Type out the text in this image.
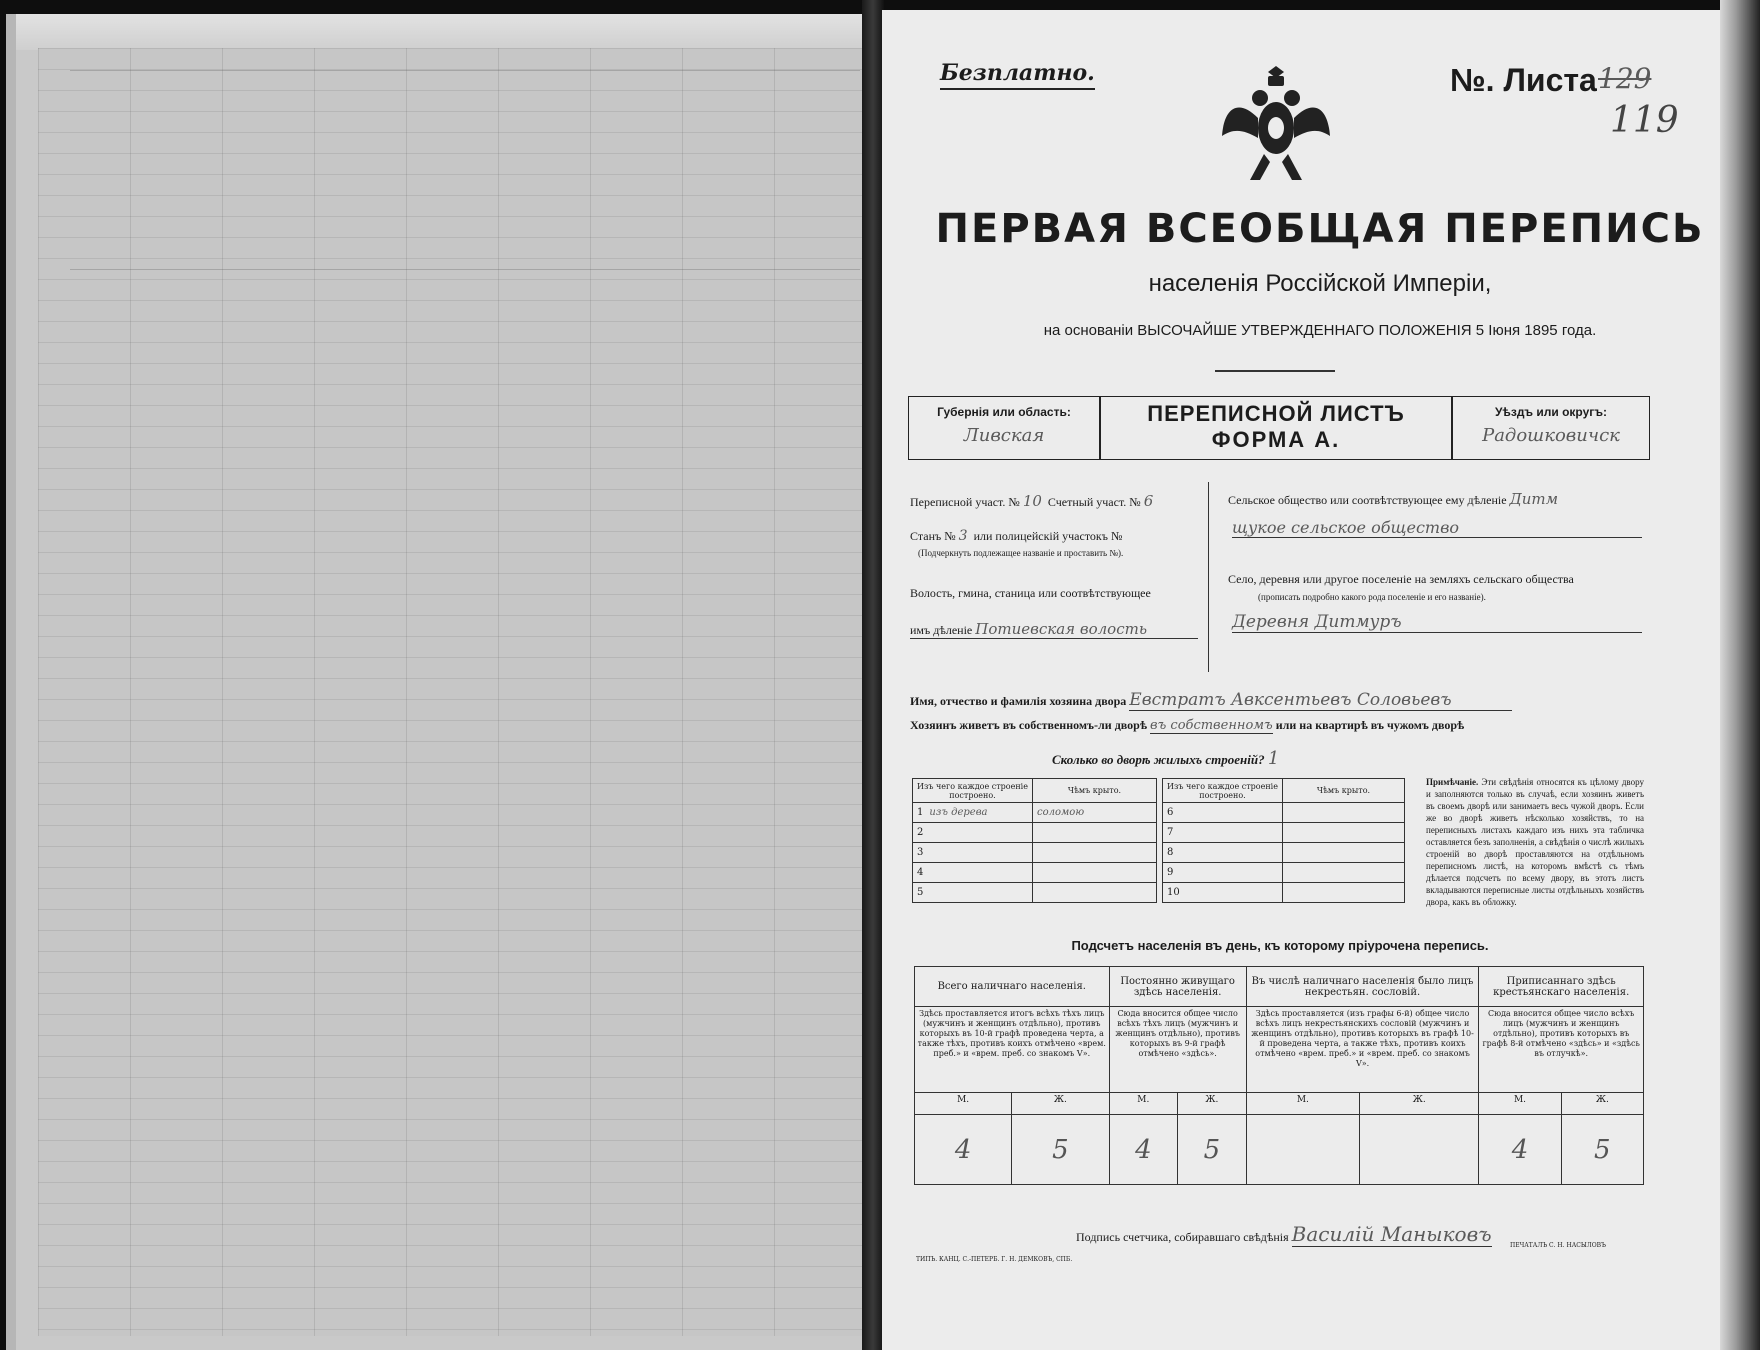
Безплатно.	№. Листа 129
119
ПЕРВАЯ ВСЕОБЩАЯ ПЕРЕПИСЬ
населенія Россійской Имперіи,
на основаніи ВЫСОЧАЙШЕ УТВЕРЖДЕННАГО ПОЛОЖЕНІЯ 5 Іюня 1895 года.
Губернія или область:
Ливская
ПЕРЕПИСНОЙ ЛИСТЪ
ФОРМА А.
Уѣздъ или округъ:
Радошковичск
Переписной участ. № 10 Счетный участ. № 6
Станъ № 3 или полицейскій участокъ №
(Подчеркнуть подлежащее названіе и проставить №).
Волость, гмина, станица или соотвѣтствующее
имъ дѣленіе Потиевская волость
Сельское общество или соотвѣтствующее ему дѣленіе Дитм
щукое сельское общество
Село, деревня или другое поселеніе на земляхъ сельскаго общества
(прописать подробно какого рода поселеніе и его названіе).
Деревня Дитмуръ
Имя, отчество и фамилія хозяина двора Евстратъ Авксентьевъ Соловьевъ
Хозяинъ живетъ въ собственномъ-ли дворѣ въ собственномъ или на квартирѣ въ чужомъ дворѣ
Сколько во дворѣ жилыхъ строеній? 1
Изъ чего каждое строеніе построено.	Чѣмъ крыто.
1 изъ дерева	соломою
2	
3	
4	
5	
Изъ чего каждое строеніе построено.	Чѣмъ крыто.
6	
7	
8	
9	
10	
Примѣчаніе. Эти свѣдѣнія относятся къ цѣлому двору и заполняются только въ случаѣ, если хозяинъ живетъ въ своемъ дворѣ или занимаетъ весь чужой дворъ. Если же во дворѣ живетъ нѣсколько хозяйствъ, то на переписныхъ листахъ каждаго изъ нихъ эта табличка оставляется безъ заполненія, а свѣдѣнія о числѣ жилыхъ строеній во дворѣ проставляются на отдѣльномъ переписномъ листѣ, на которомъ вмѣстѣ съ тѣмъ дѣлается подсчетъ по всему двору, въ этотъ листъ вкладываются переписные листы отдѣльныхъ хозяйствъ двора, какъ въ обложку.
Подсчетъ населенія въ день, къ которому пріурочена перепись.
Всего наличнаго населенія.		Постоянно живущаго здѣсь населенія.		Въ числѣ наличнаго населенія было лицъ некрестьян. сословій.		Приписаннаго здѣсь крестьянскаго населенія.	
Здѣсь проставляется итогъ всѣхъ тѣхъ лицъ (мужчинъ и женщинъ отдѣльно), противъ которыхъ въ 10-й графѣ проведена черта, а также тѣхъ, противъ коихъ отмѣчено «врем. преб.» и «врем. преб. со знакомъ V».		Сюда вносится общее число всѣхъ тѣхъ лицъ (мужчинъ и женщинъ отдѣльно), противъ которыхъ въ 9-й графѣ отмѣчено «здѣсь».		Здѣсь проставляется (изъ графы 6-й) общее число всѣхъ лицъ некрестьянскихъ сословій (мужчинъ и женщинъ отдѣльно), противъ которыхъ въ графѣ 10-й проведена черта, а также тѣхъ, противъ коихъ отмѣчено «врем. преб.» и «врем. преб. со знакомъ V».		Сюда вносится общее число всѣхъ лицъ (мужчинъ и женщинъ отдѣльно), противъ которыхъ въ графѣ 8-й отмѣчено «здѣсь» и «здѣсь въ отлучкѣ».	
М.	Ж.	М.	Ж.	М.	Ж.	М.	Ж.
4	5	4	5			4	5
Подпись счетчика, собиравшаго свѣдѣнія Василій Маныковъ
ТИПЪ. КАНЦ. С.-ПЕТЕРБ. Г. Н. ДЕМКОВЪ, СПБ.
ПЕЧАТАЛЪ С. Н. НАСЫЛОВЪ
